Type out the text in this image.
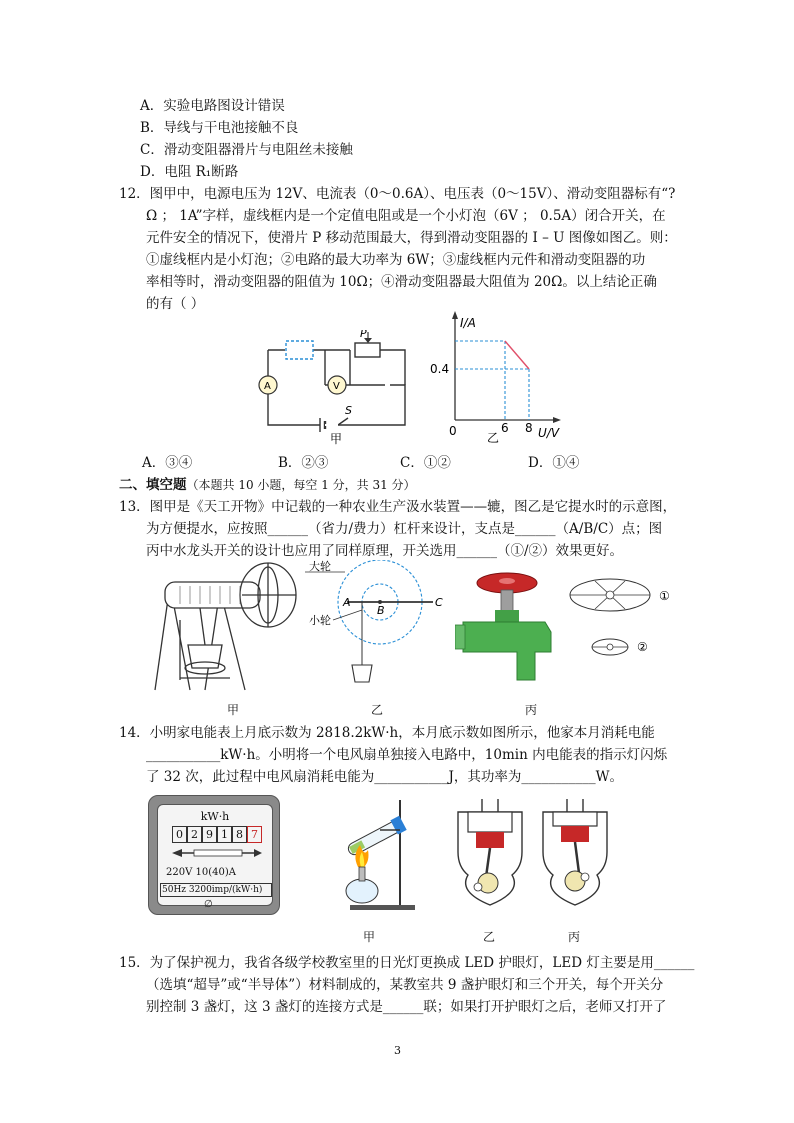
A．实验电路图设计错误
B．导线与干电池接触不良
C．滑动变阻器滑片与电阻丝未接触
D．电阻 R₁断路
12．图甲中，电源电压为 12V、电流表（0～0.6A）、电压表（0～15V）、滑动变阻器标有“?
Ω ； 1A”字样，虚线框内是一个定值电阻或是一个小灯泡（6V ； 0.5A）闭合开关，在
元件安全的情况下，使滑片 P 移动范围最大，得到滑动变阻器的 I – U 图像如图乙。则：
①虚线框内是小灯泡；②电路的最大功率为 6W；③虚线框内元件和滑动变阻器的功
率相等时，滑动变阻器的阻值为 10Ω；④滑动变阻器最大阻值为 20Ω。以上结论正确
的有（ ）
P
A	V
S
甲
I/A
0.4
0	6 8 U/V
乙
A．③④	B．②③	C．①②	D．①④
二、填空题（本题共 10 小题，每空 1 分，共 31 分）
13．图甲是《天工开物》中记载的一种农业生产汲水装置——辘，图乙是它提水时的示意图，
为方便提水，应按照______（省力/费力）杠杆来设计，支点是______（A/B/C）点；图
丙中水龙头开关的设计也应用了同样原理，开关选用______（①/②）效果更好。
甲
大轮
小轮
A
B
C
乙	丙
①
②
14．小明家电能表上月底示数为 2818.2kW·h，本月底示数如图所示，他家本月消耗电能
___________kW·h。小明将一个电风扇单独接入电路中，10min 内电能表的指示灯闪烁
了 32 次，此过程中电风扇消耗电能为___________J，其功率为___________W。
kW·h
0 2 9 1 8 7
220V 10(40)A
50Hz 3200imp/(kW·h)
∅
甲	乙	丙
15．为了保护视力，我省各级学校教室里的日光灯更换成 LED 护眼灯，LED 灯主要是用______
（选填“超导”或“半导体”）材料制成的，某教室共 9 盏护眼灯和三个开关，每个开关分
别控制 3 盏灯，这 3 盏灯的连接方式是______联；如果打开护眼灯之后，老师又打开了
3
